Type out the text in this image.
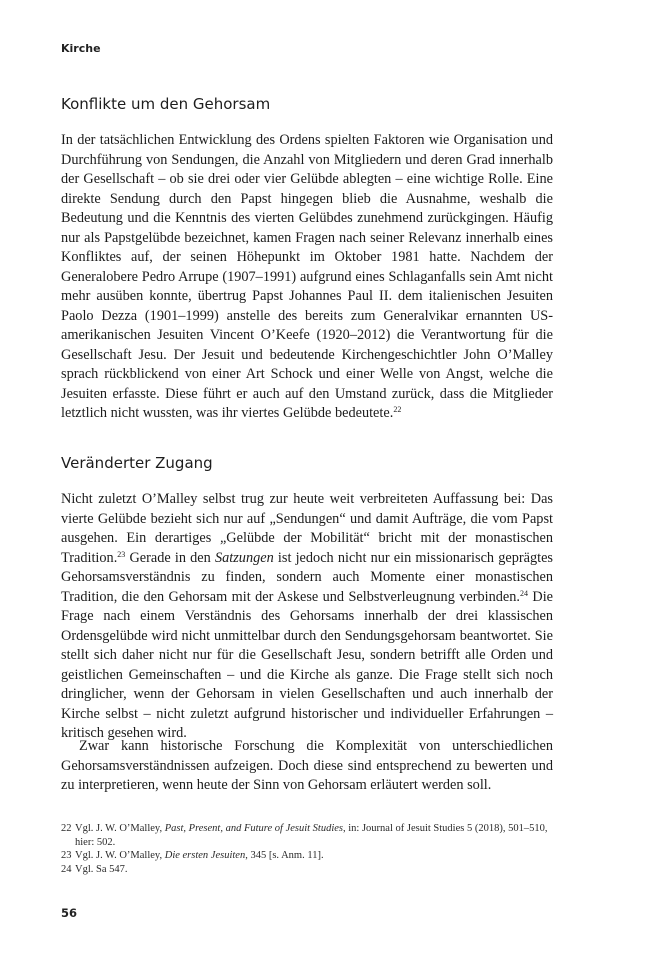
Kirche
Konflikte um den Gehorsam

In der tatsächlichen Entwicklung des Ordens spielten Faktoren wie Organisation und Durchführung von Sendungen, die Anzahl von Mitgliedern und deren Grad innerhalb der Gesellschaft – ob sie drei oder vier Gelübde ablegten – eine wichtige Rolle. Eine direkte Sendung durch den Papst hingegen blieb die Ausnahme, weshalb die Bedeutung und die Kenntnis des vierten Gelübdes zunehmend zurückgingen. Häufig nur als Papstgelübde bezeichnet, kamen Fragen nach seiner Relevanz innerhalb eines Konfliktes auf, der seinen Höhepunkt im Oktober 1981 hatte. Nachdem der Generalobere Pedro Arrupe (1907–1991) aufgrund eines Schlaganfalls sein Amt nicht mehr ausüben konnte, übertrug Papst Johannes Paul II. dem italienischen Jesuiten Paolo Dezza (1901–1999) anstelle des bereits zum Generalvikar ernannten US-amerikanischen Jesuiten Vincent O’Keefe (1920–2012) die Verantwortung für die Gesellschaft Jesu. Der Jesuit und bedeutende Kirchengeschichtler John O’Malley sprach rückblickend von einer Art Schock und einer Welle von Angst, welche die Jesuiten erfasste. Diese führt er auch auf den Umstand zurück, dass die Mitglieder letztlich nicht wussten, was ihr viertes Gelübde bedeutete.$^{22}$

Veränderter Zugang

Nicht zuletzt O’Malley selbst trug zur heute weit verbreiteten Auffassung bei: Das vierte Gelübde bezieht sich nur auf „Sendungen“ und damit Aufträge, die vom Papst ausgehen. Ein derartiges „Gelübde der Mobilität“ bricht mit der monastischen Tradition.$^{23}$ Gerade in den Satzungen ist jedoch nicht nur ein missionarisch geprägtes Gehorsamsverständnis zu finden, sondern auch Momente einer monastischen Tradition, die den Gehorsam mit der Askese und Selbstverleugnung verbinden.$^{24}$ Die Frage nach einem Verständnis des Gehorsams innerhalb der drei klassischen Ordensgelübde wird nicht unmittelbar durch den Sendungsgehorsam beantwortet. Sie stellt sich daher nicht nur für die Gesellschaft Jesu, sondern betrifft alle Orden und geistlichen Gemeinschaften – und die Kirche als ganze. Die Frage stellt sich noch dringlicher, wenn der Gehorsam in vielen Gesellschaften und auch innerhalb der Kirche selbst – nicht zuletzt aufgrund historischer und individueller Erfahrungen – kritisch gesehen wird.

Zwar kann historische Forschung die Komplexität von unterschiedlichen Gehorsamsverständnissen aufzeigen. Doch diese sind entsprechend zu bewerten und zu interpretieren, wenn heute der Sinn von Gehorsam erläutert werden soll.

22 Vgl. J. W. O’Malley, Past, Present, and Future of Jesuit Studies, in: Journal of Jesuit Studies 5 (2018), 501–510, hier: 502.
23 Vgl. J. W. O’Malley, Die ersten Jesuiten, 345 [s. Anm. 11].
24 Vgl. Sa 547.
56
